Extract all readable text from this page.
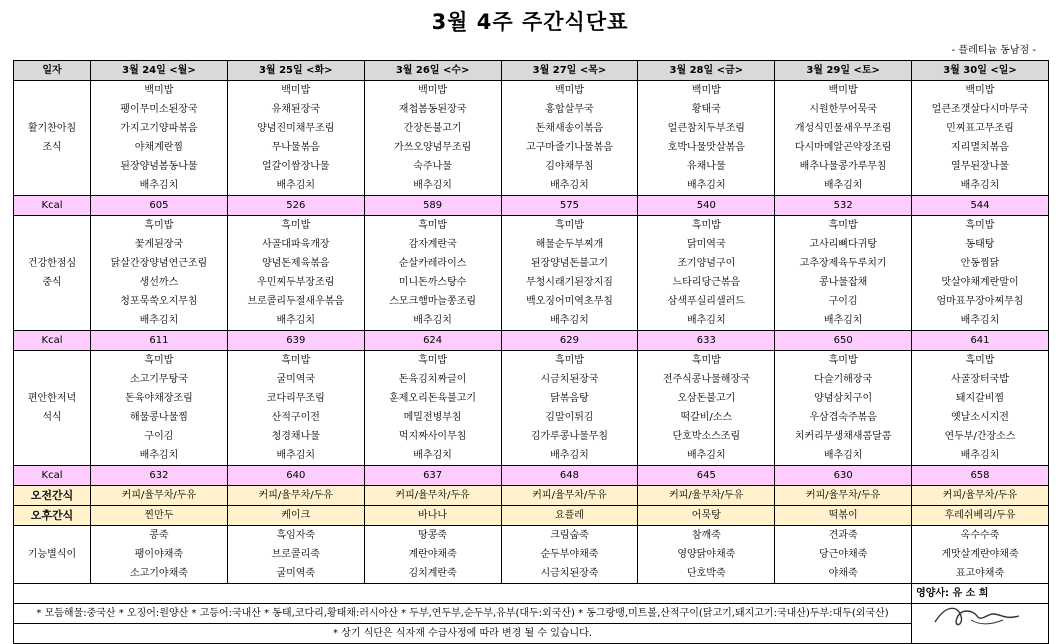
3월 4주 주간식단표
- 플레티늄 동남점 -
일자	3월 24일 <월>	3월 25일 <화>	3월 26일 <수>	3월 27일 <목>	3월 28일 <금>	3월 29일 <토>	3월 30일 <일>

활기찬아침
조식	백미밥	백미밥	백미밥	백미밥	백미밥	백미밥	백미밥
	팽이무미소된장국	유채된장국	재첩봄동된장국	홍합살무국	황태국	시원한무어묵국	얼큰조갯살다시마무국
	가지고기양파볶음	양념진미채무조림	간장돈불고기	돈채새송이볶음	얼큰참치두부조림	개성식민물새우무조림	민찌표고무조림
	야채계란찜	무나물볶음	가쓰오양념무조림	고구마줄기나물볶음	호박나물맛살볶음	다시마메알곤약장조림	지리멸치볶음
	된장양념봄동나물	얼갈이쌈장나물	숙주나물	김야채무침	유채나물	배추나물콩가루무침	열무된장나물
	배추김치	배추김치	배추김치	배추김치	배추김치	배추김치	배추김치
Kcal	605	526	589	575	540	532	544

건강한점심
중식	흑미밥	흑미밥	흑미밥	흑미밥	흑미밥	흑미밥	흑미밥
	꽃게된장국	사골대파육개장	감자계란국	해물순두부찌개	닭미역국	고사리뼈다귀탕	동태탕
	닭살간장양념연근조림	양념돈제육볶음	순살카레라이스	된장양념돈불고기	조기양념구이	고추장제육두루치기	안동찜닭
	생선까스	우민찌두부장조림	미니돈까스탕수	무청시래기된장지짐	느타리당근볶음	콩나물잡채	맛살야채계란말이
	청포묵쑥오지무침	브로콜리두절새우볶음	스모크햄마늘쫑조림	백오징어미역초무침	삼색푸실리샐러드	구이김	엄마표무장아찌무침
	배추김치	배추김치	배추김치	배추김치	배추김치	배추김치	배추김치
Kcal	611	639	624	629	633	650	641

편안한저녁
석식	흑미밥	흑미밥	흑미밥	흑미밥	흑미밥	흑미밥	흑미밥
	소고기무탕국	굴미역국	돈육김치짜글이	시금치된장국	전주식콩나물해장국	다슬기해장국	사골장터국밥
	돈육야채장조림	코다리무조림	훈제오리돈육불고기	닭볶음탕	오삼돈불고기	양념삼치구이	돼지갈비찜
	해물콩나물찜	산적구이전	메밀전병부침	김말이튀김	떡갈비/소스	우삼겹숙주볶음	옛날소시지전
	구이김	청경채나물	먹지짜사이무침	김가루콩나물무침	단호박소스조림	치커리무생채새콤달콤	연두부/간장소스
	배추김치	배추김치	배추김치	배추김치	배추김치	배추김치	배추김치
Kcal	632	640	637	648	645	630	658
오전간식	커피/율무차/두유	커피/율무차/두유	커피/율무차/두유	커피/율무차/두유	커피/율무차/두유	커피/율무차/두유	커피/율무차/두유
오후간식	찐만두	케이크	바나나	요플레	어묵탕	떡볶이	후레쉬베리/두유
기능별식이	콩죽	흑임자죽	땅콩죽	크림숩죽	참깨죽	견과죽	옥수수죽
	팽이야채죽	브로콜리죽	계란야채죽	순두부야채죽	영양닭야채죽	당근야채죽	게맛살계란야채죽
	소고기야채죽	굴미역죽	김치계란죽	시금치된장죽	단호박죽	야채죽	표고야채죽
							영양사: 유 소 희
* 모듬해물:중국산 * 오징어:원양산 * 고등어:국내산 * 동태,코다리,황태채:러시아산 * 두부,연두부,순두부,유부(대두:외국산) * 동그랑땡,미트볼,산적구이(닭고기,돼지고기:국내산)두부:대두(외국산)							
* 상기 식단은 식자재 수급사정에 따라 변경 될 수 있습니다.							
